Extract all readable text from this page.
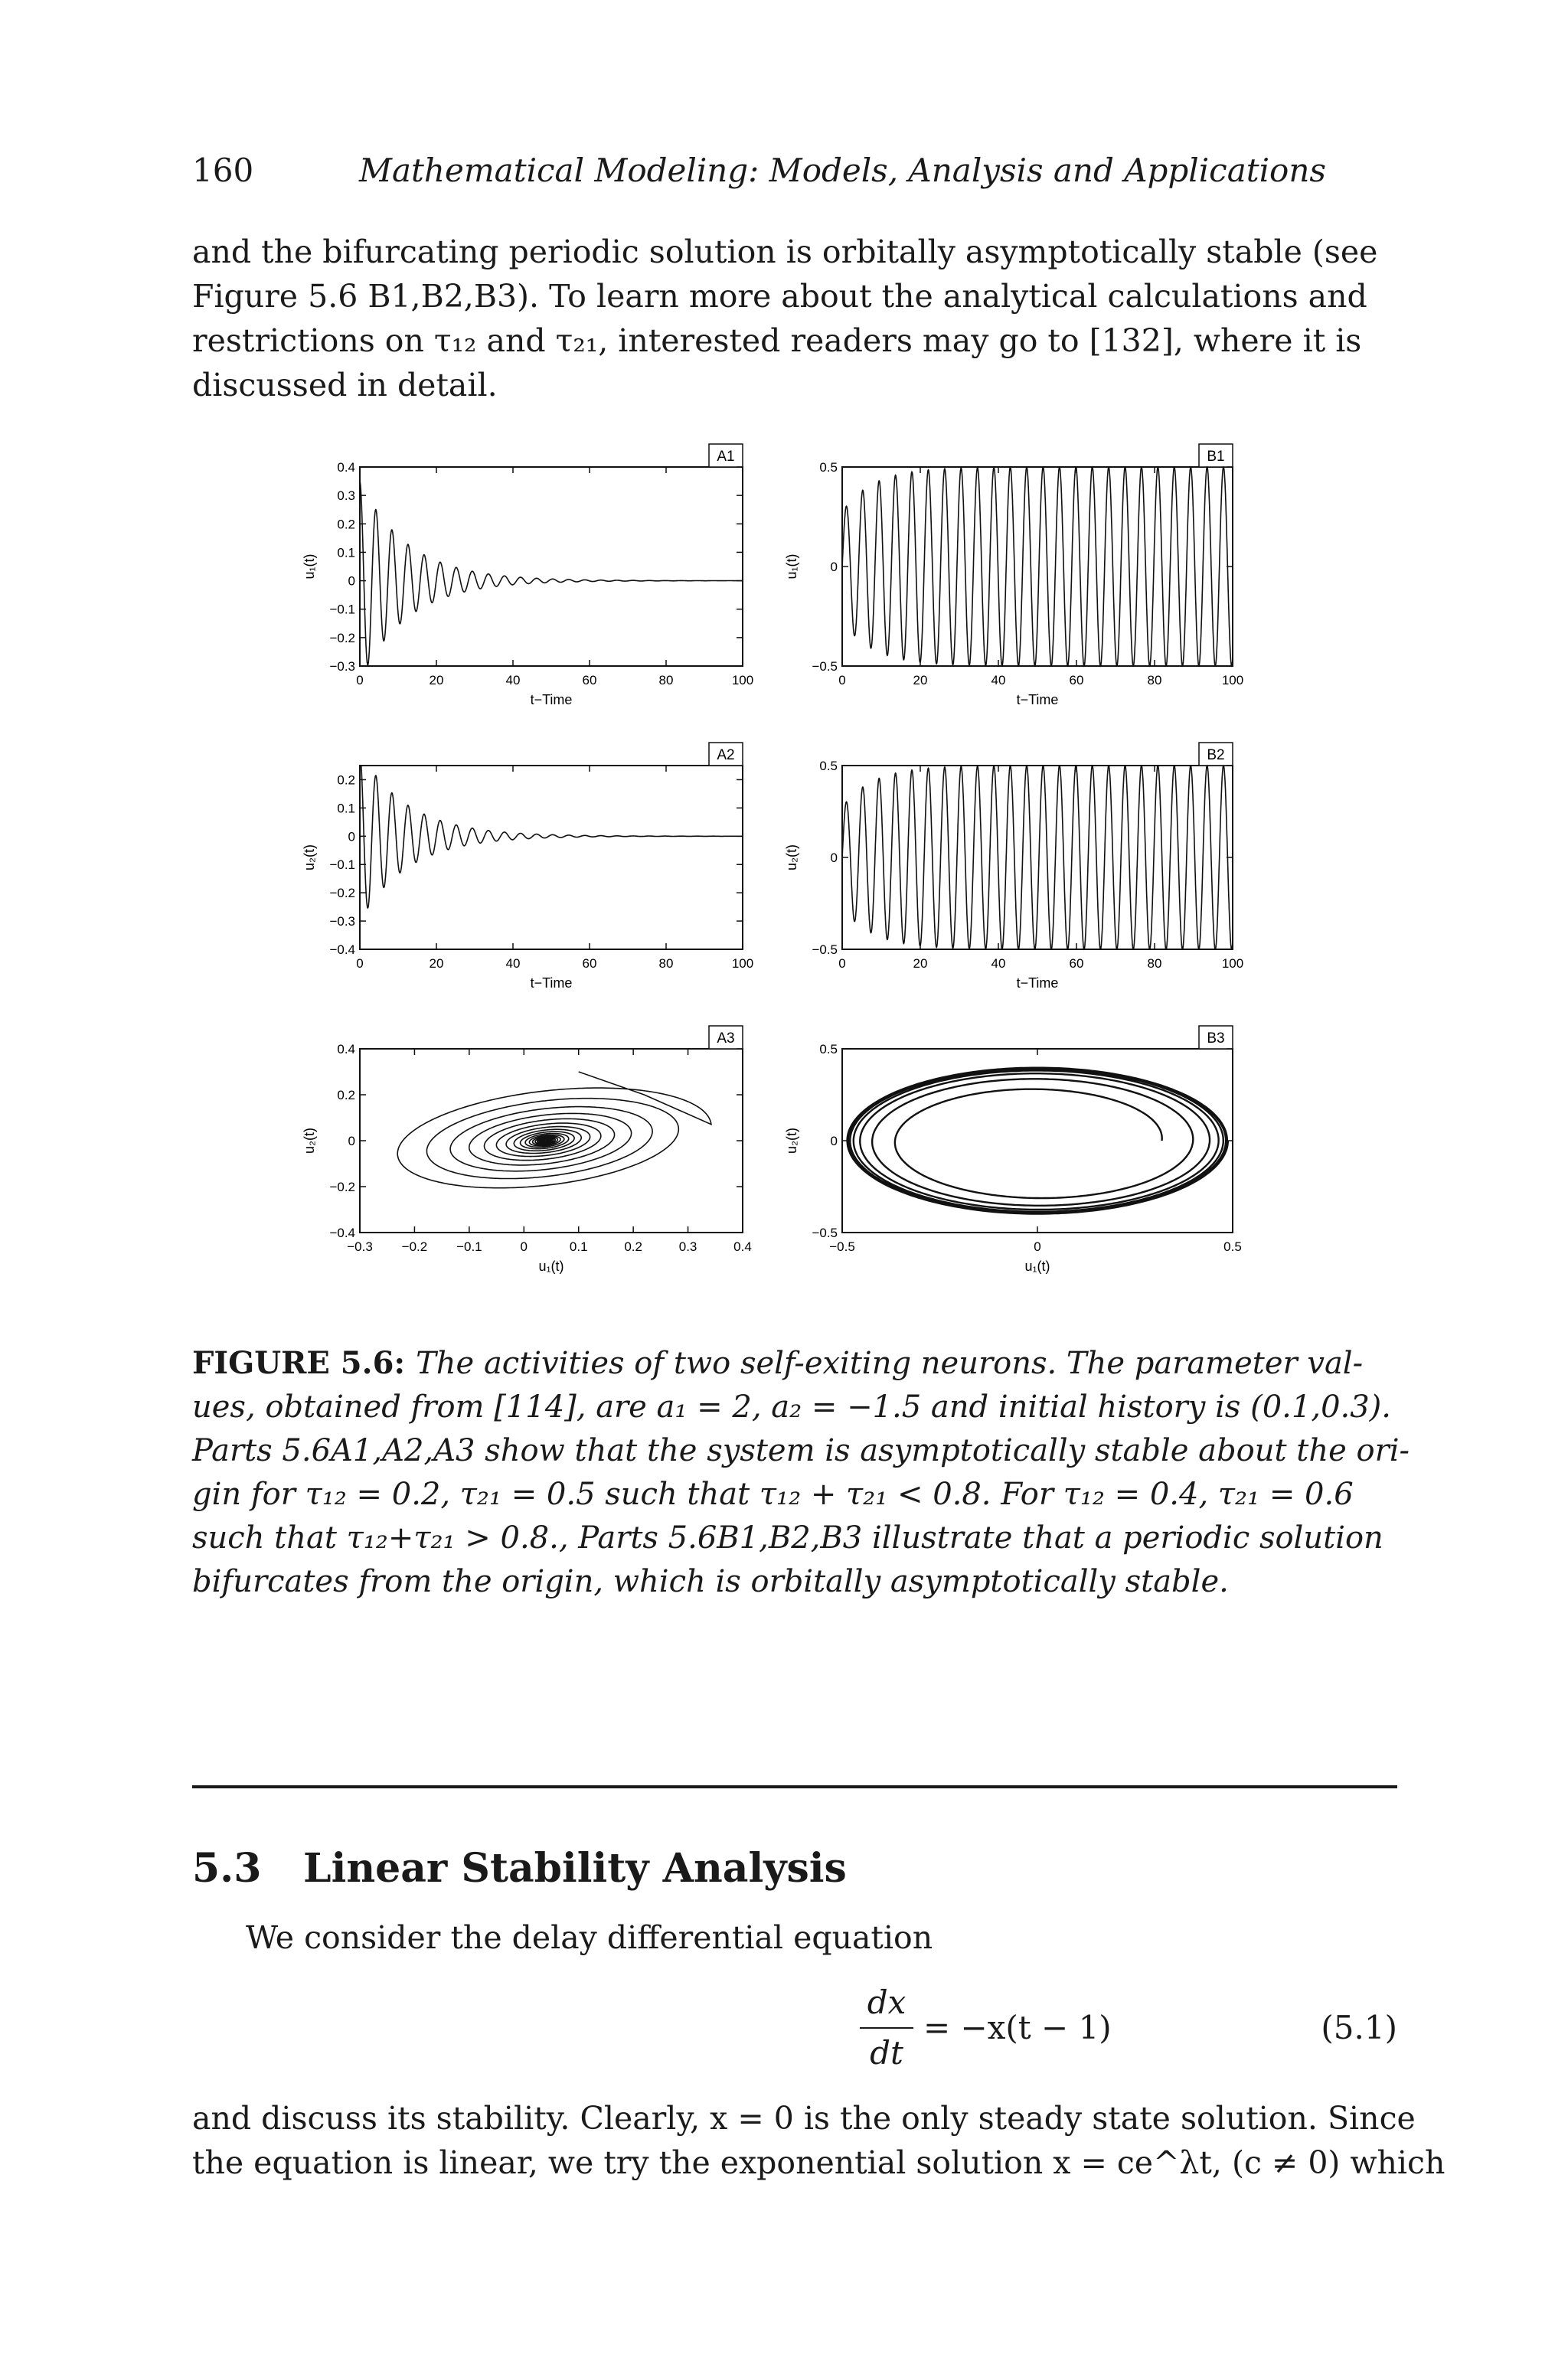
160	Mathematical Modeling: Models, Analysis and Applications
and the bifurcating periodic solution is orbitally asymptotically stable (see
Figure 5.6 B1,B2,B3). To learn more about the analytical calculations and
restrictions on τ₁₂ and τ₂₁, interested readers may go to [132], where it is
discussed in detail.
A1
0.4
0.3
0.2
0.1
0
−0.1
−0.2
−0.3
0	20	40	60	80	100
t−Time
u₁(t)
B1
0.5
0
−0.5
0	20	40	60	80	100
t−Time
u₁(t)
A2
0.2
0.1
0
−0.1
−0.2
−0.3
−0.4
0	20	40	60	80	100
t−Time
u₂(t)
B2
0.5
0
−0.5
0	20	40	60	80	100
t−Time
u₂(t)
A3
0.4
0.2
0
−0.2
−0.4
−0.3 −0.2 −0.1	0	0.1	0.2	0.3	0.4
u₁(t)
u₂(t)
B3
0.5
0
−0.5
−0.5	0	0.5
u₁(t)
u₂(t)
FIGURE 5.6: The activities of two self-exiting neurons. The parameter val-
ues, obtained from [114], are a₁ = 2, a₂ = −1.5 and initial history is (0.1,0.3).
Parts 5.6A1,A2,A3 show that the system is asymptotically stable about the ori-
gin for τ₁₂ = 0.2, τ₂₁ = 0.5 such that τ₁₂ + τ₂₁ < 0.8. For τ₁₂ = 0.4, τ₂₁ = 0.6
such that τ₁₂+τ₂₁ > 0.8., Parts 5.6B1,B2,B3 illustrate that a periodic solution
bifurcates from the origin, which is orbitally asymptotically stable.
5.3 Linear Stability Analysis
We consider the delay differential equation
dx
dt
= −x(t − 1)	(5.1)
and discuss its stability. Clearly, x = 0 is the only steady state solution. Since
the equation is linear, we try the exponential solution x = ce^λt, (c ≠ 0) which
